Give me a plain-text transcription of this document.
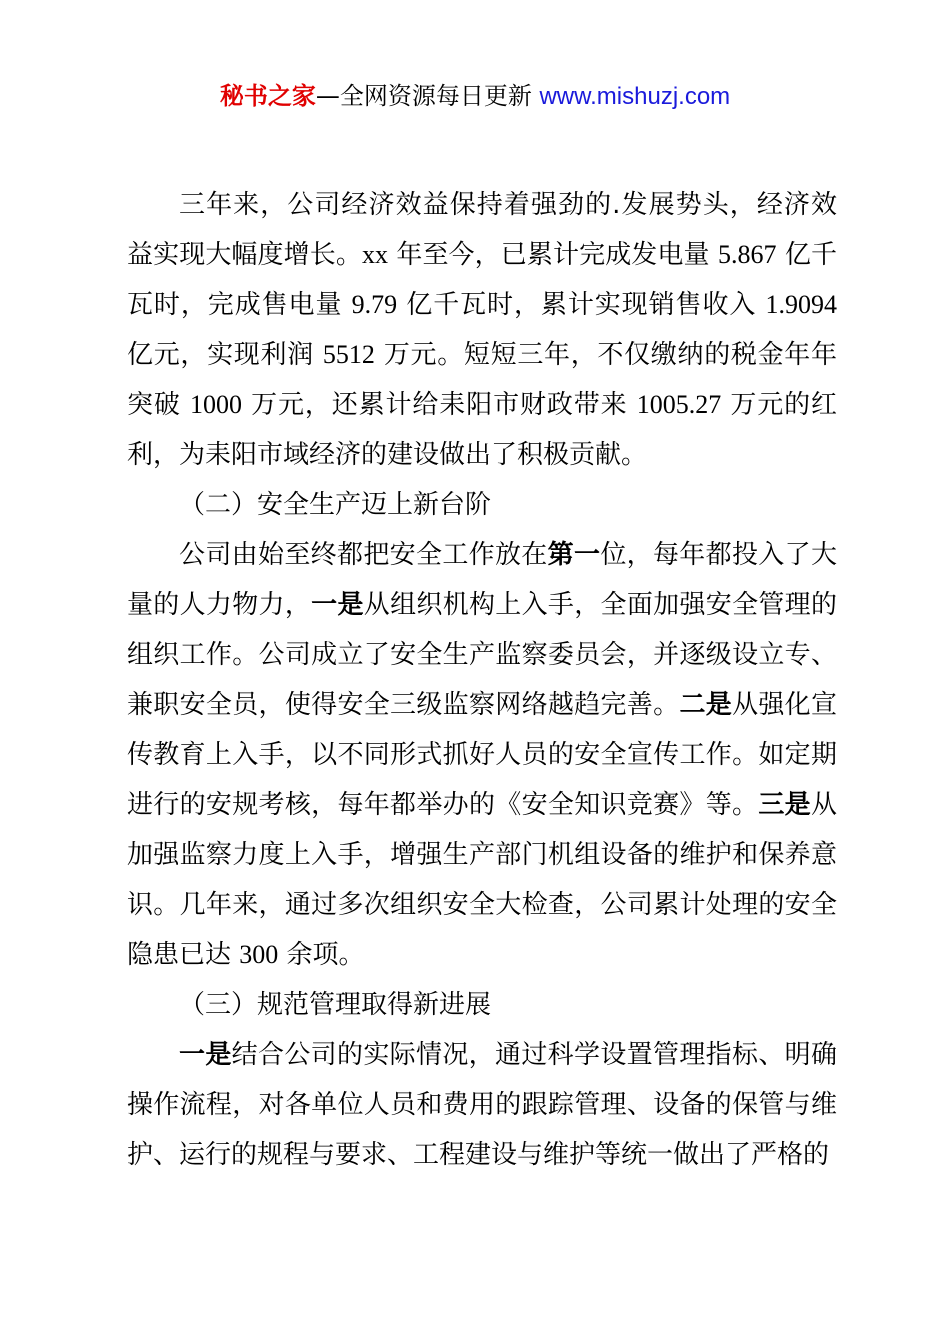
秘书之家—全网资源每日更新 www.mishuzj.com

三年来，公司经济效益保持着强劲的.发展势头，经济效益实现大幅度增长。xx 年至今，已累计完成发电量 5.867 亿千瓦时，完成售电量 9.79 亿千瓦时，累计实现销售收入 1.9094 亿元，实现利润 5512 万元。短短三年，不仅缴纳的税金年年突破 1000 万元，还累计给耒阳市财政带来 1005.27 万元的红利，为耒阳市域经济的建设做出了积极贡献。

（二）安全生产迈上新台阶

公司由始至终都把安全工作放在第一位，每年都投入了大量的人力物力，一是从组织机构上入手，全面加强安全管理的组织工作。公司成立了安全生产监察委员会，并逐级设立专、兼职安全员，使得安全三级监察网络越趋完善。二是从强化宣传教育上入手，以不同形式抓好人员的安全宣传工作。如定期进行的安规考核，每年都举办的《安全知识竞赛》等。三是从加强监察力度上入手，增强生产部门机组设备的维护和保养意识。几年来，通过多次组织安全大检查，公司累计处理的安全隐患已达 300 余项。

（三）规范管理取得新进展

一是结合公司的实际情况，通过科学设置管理指标、明确操作流程，对各单位人员和费用的跟踪管理、设备的保管与维护、运行的规程与要求、工程建设与维护等统一做出了严格的
